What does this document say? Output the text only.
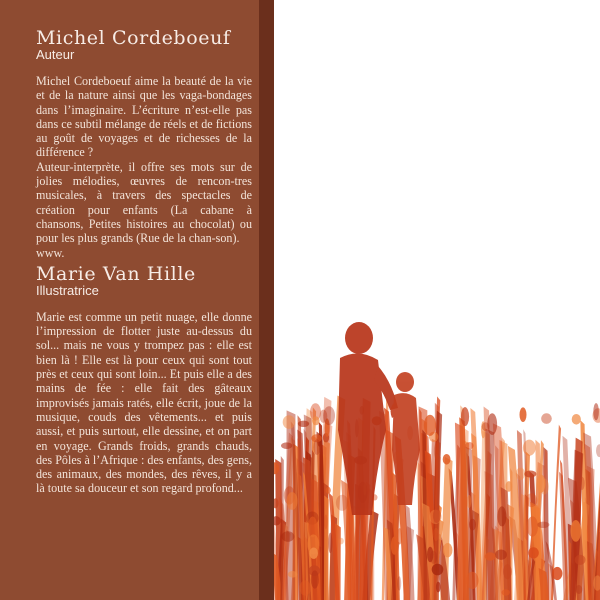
Michel Cordeboeuf

Auteur

Michel Cordeboeuf aime la beauté de la vie et de la nature ainsi que les vaga-bondages dans l’imaginaire. L’écriture n’est-elle pas dans ce subtil mélange de réels et de fictions au goût de voyages et de richesses de la différence ?
Auteur-interprète, il offre ses mots sur de jolies mélodies, œuvres de rencon-tres musicales, à travers des spectacles de création pour enfants (La cabane à chansons, Petites histoires au chocolat) ou pour les plus grands (Rue de la chan-son).
www.

Marie Van Hille

Illustratrice

Marie est comme un petit nuage, elle donne l’impression de flotter juste au-dessus du sol... mais ne vous y trompez pas : elle est bien là ! Elle est là pour ceux qui sont tout près et ceux qui sont loin... Et puis elle a des mains de fée : elle fait des gâteaux improvisés jamais ratés, elle écrit, joue de la musique, couds des vêtements... et puis aussi, et puis surtout, elle dessine, et on part en voyage. Grands froids, grands chauds, des Pôles à l’Afrique : des enfants, des gens, des animaux, des mondes, des rêves, il y a là toute sa douceur et son regard profond...
